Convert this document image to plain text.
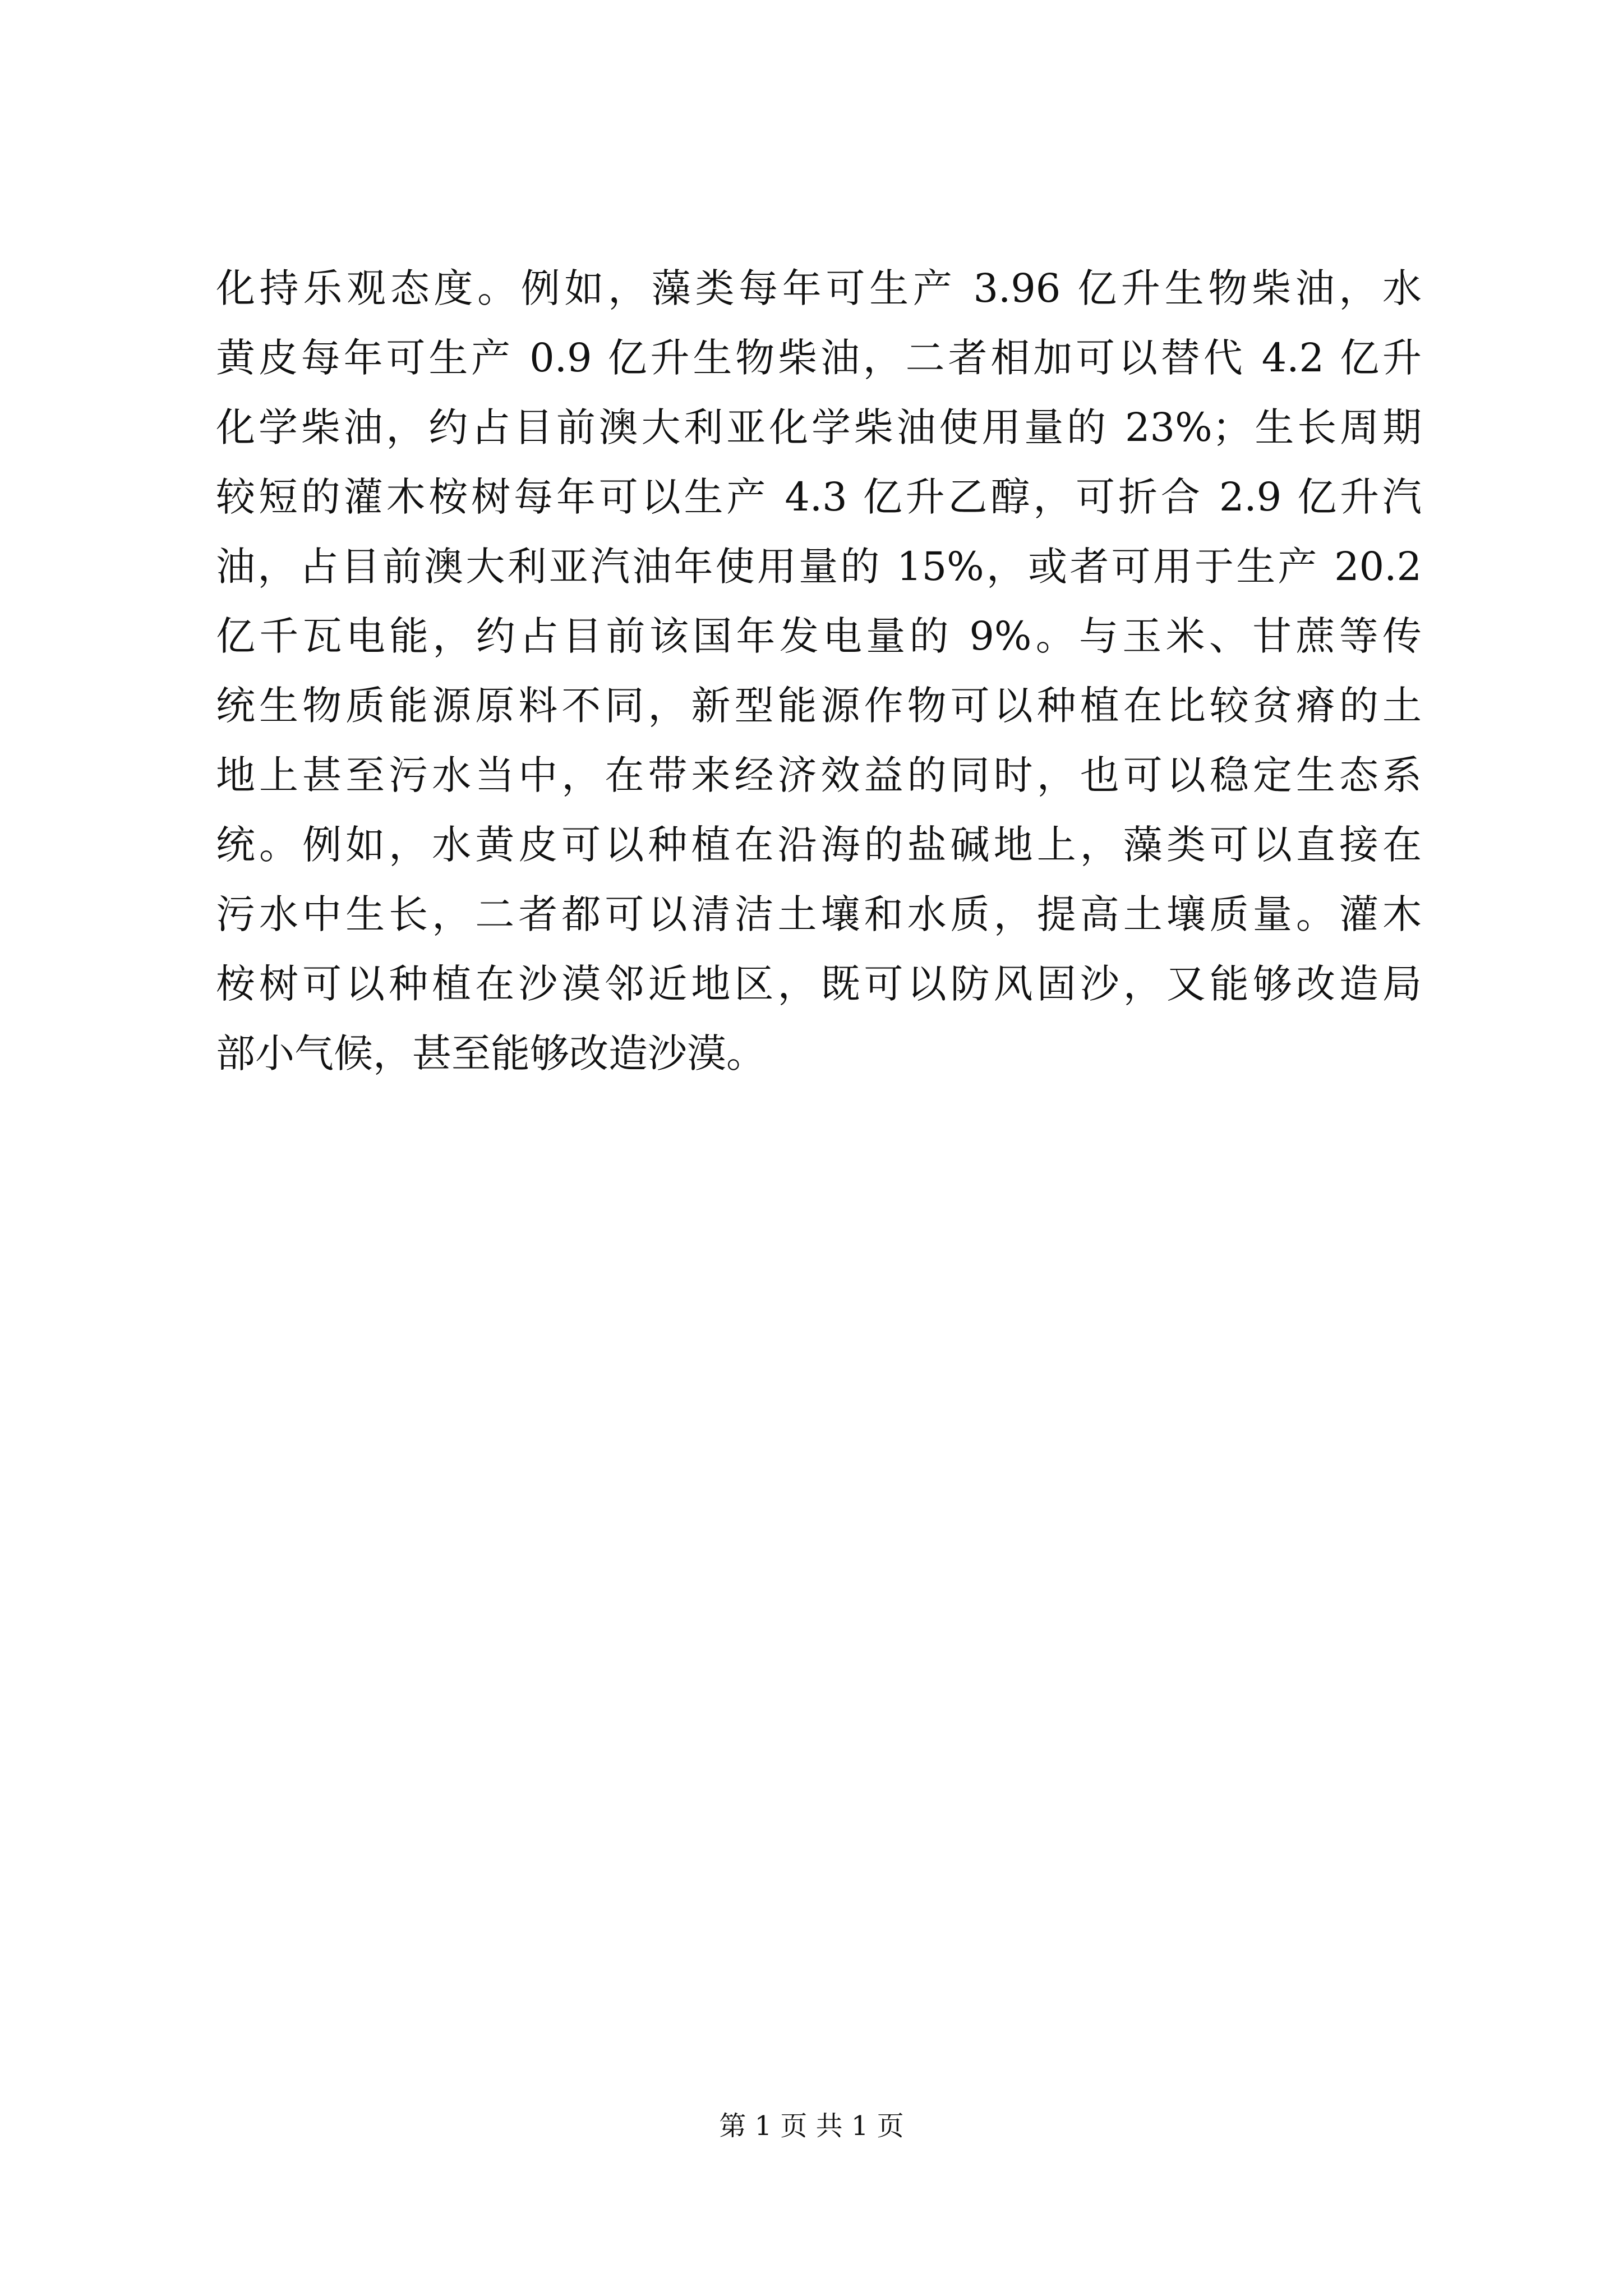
化持乐观态度。例如，藻类每年可生产 3.96 亿升生物柴油，水
黄皮每年可生产 0.9 亿升生物柴油，二者相加可以替代 4.2 亿升
化学柴油，约占目前澳大利亚化学柴油使用量的 23%；生长周期
较短的灌木桉树每年可以生产 4.3 亿升乙醇，可折合 2.9 亿升汽
油，占目前澳大利亚汽油年使用量的 15%，或者可用于生产 20.2
亿千瓦电能，约占目前该国年发电量的 9%。与玉米、甘蔗等传
统生物质能源原料不同，新型能源作物可以种植在比较贫瘠的土
地上甚至污水当中，在带来经济效益的同时，也可以稳定生态系
统。例如，水黄皮可以种植在沿海的盐碱地上，藻类可以直接在
污水中生长，二者都可以清洁土壤和水质，提高土壤质量。灌木
桉树可以种植在沙漠邻近地区，既可以防风固沙，又能够改造局
部小气候，甚至能够改造沙漠。
第 1 页 共 1 页
